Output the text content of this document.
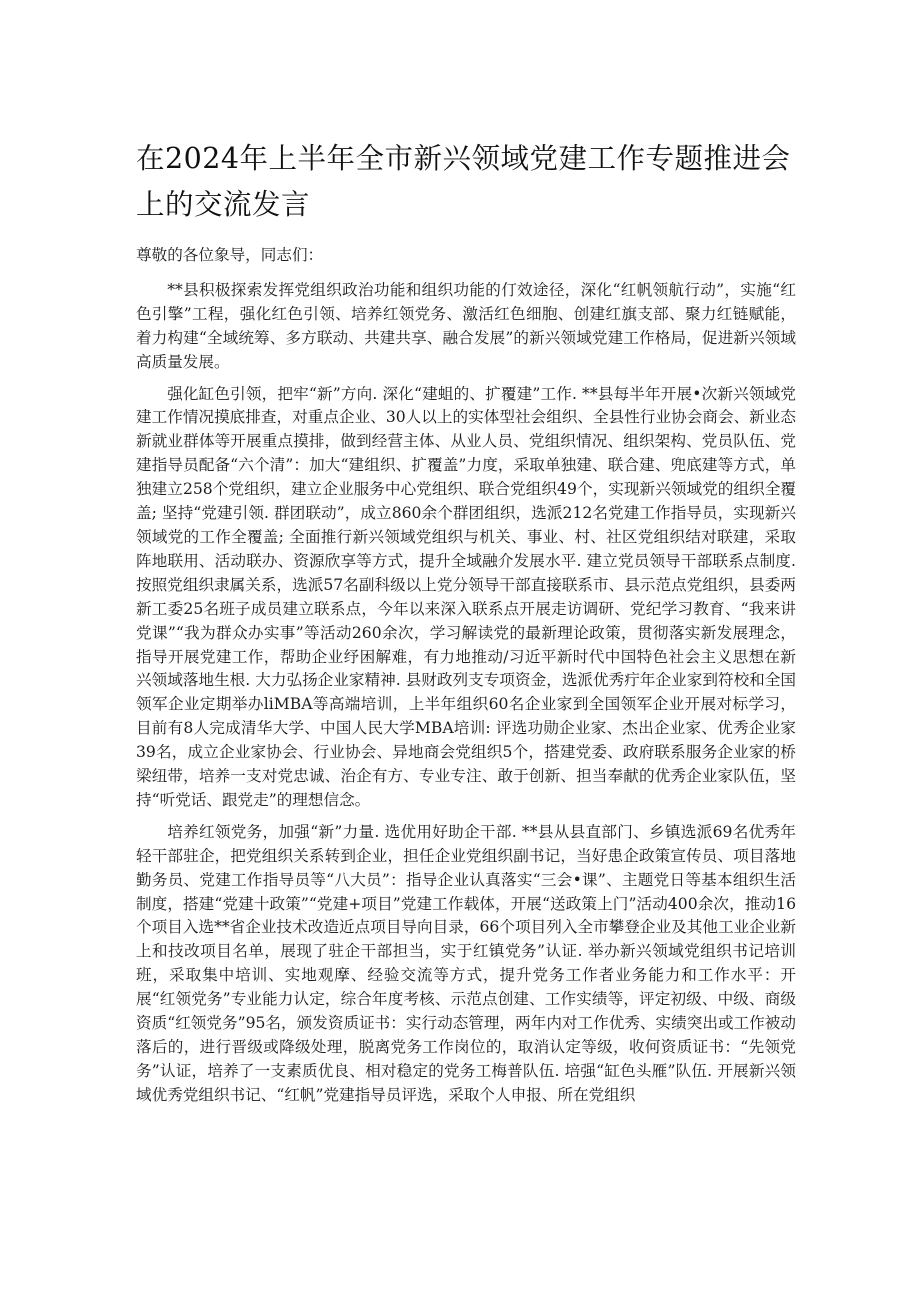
在2024年上半年全市新兴领域党建工作专题推进会上的交流发言

尊敬的各位象导，同志们：

**县积极探索发挥党组织政治功能和组织功能的仃效途径，深化“红帆领航行动”，实施“红色引擎”工程，强化红色引领、培养红领党务、激活红色细胞、创建红旗支部、聚力红链赋能，着力构建“全域统筹、多方联动、共建共享、融合发展”的新兴领域党建工作格局，促进新兴领域高质量发展。

强化缸色引领，把牢“新”方向. 深化“建蛆的、扩覆建”工作. **县每半年开展•次新兴领域党建工作情况摸底排查，对重点企业、30人以上的实体型社会组织、全县性行业协会商会、新业态新就业群体等开展重点摸排，做到经营主体、从业人员、党组织情况、组织架构、党员队伍、党建指导员配备“六个清”：加大“建组织、扩覆盖”力度，采取单独建、联合建、兜底建等方式，单独建立258个党组织，建立企业服务中心党组织、联合党组织49个，实现新兴领域党的组织全覆盖; 坚持“党建引领. 群团联动”，成立860余个群团组织，选派212名党建工作指导员，实现新兴领域党的工作全覆盖; 全面推行新兴领域党组织与机关、事业、村、社区党组织结对联建，采取阵地联用、活动联办、资源欣享等方式，提升全域融介发展水平. 建立党员领导干部联系点制度. 按照党组织隶属关系，选派57名副科级以上党分领导干部直接联系市、县示范点党组织，县委两新工委25名班子成员建立联系点，今年以来深入联系点开展走访调研、党纪学习教育、“我来讲党课”“我为群众办实事”等活动260余次，学习解读党的最新理论政策，贯彻落实新发展理念，指导开展党建工作，帮助企业纾困解难，有力地推动/习近平新时代中国特色社会主义思想在新兴领域落地生根. 大力弘扬企业家精神. 县财政列支专项资金，选派优秀疔年企业家到符校和全国领军企业定期举办liMBA等高端培训，上半年组织60名企业家到全国领军企业开展对标学习，目前有8人完成清华大学、中国人民大学MBA培训: 评选功勋企业家、杰出企业家、优秀企业家39名，成立企业家协会、行业协会、异地商会党组织5个，搭建党委、政府联系服务企业家的桥梁纽带，培养一支对党忠诚、治企有方、专业专注、敢于创新、担当奉献的优秀企业家队伍，坚持“听党话、跟党走”的理想信念。

培养红领党务，加强“新”力量. 选优用好助企干部. **县从县直部门、乡镇选派69名优秀年轻干部驻企，把党组织关系转到企业，担任企业党组织副书记，当好患企政策宣传员、项目落地勤务员、党建工作指导员等“八大员”：指导企业认真落实“三会•课”、主题党日等基本组织生活制度，搭建“党建十政策”“党建+项目”党建工作载体，开展“送政策上门”活动400余次，推动16个项目入选**省企业技术改造近点项目导向目录，66个项目列入全市攀登企业及其他工业企业新上和技改项目名单，展现了驻企干部担当，实于红镇党务”认证. 举办新兴领域党组织书记培训班，采取集中培训、实地观摩、经验交流等方式，提升党务工作者业务能力和工作水平：开展“红领党务”专业能力认定，综合年度考核、示范点创建、工作实绩等，评定初级、中级、商级资质“红领党务”95名，颁发资质证书：实行动态管理，两年内对工作优秀、实绩突出或工作被动落后的，进行晋级或降级处理，脱离党务工作岗位的，取消认定等级，收何资质证书：“先领党务”认证，培养了一支素质优良、相对稳定的党务工梅普队伍. 培强“缸色头雁”队伍. 开展新兴领域优秀党组织书记、“红帆”党建指导员评选，采取个人申报、所在党组织
